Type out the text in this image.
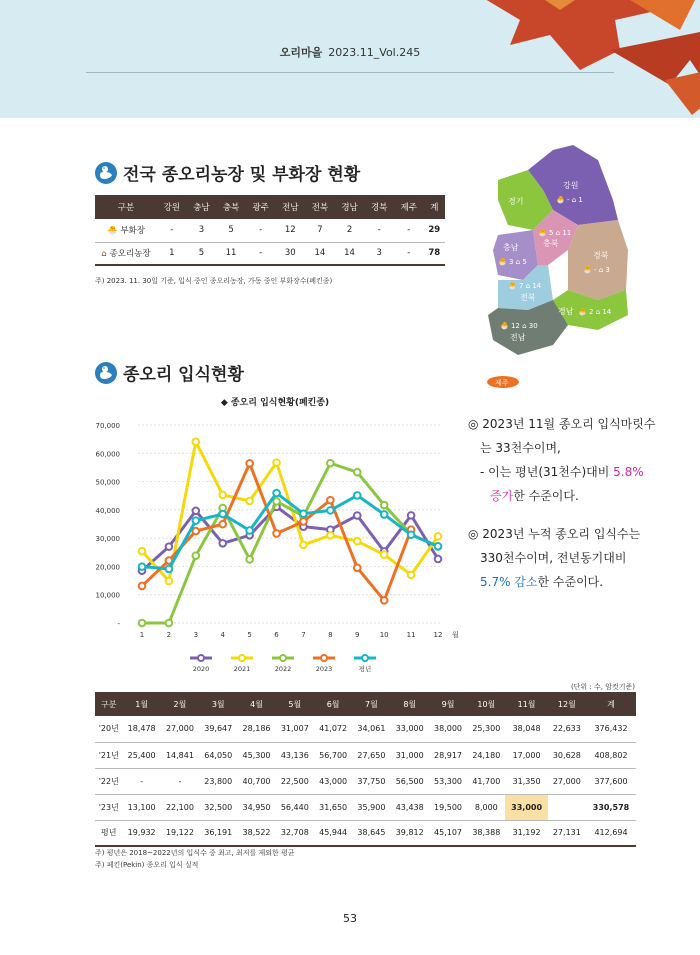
오리마을 2023.11_Vol.245
전국 종오리농장 및 부화장 현황
구분	강원	충남	충북	광주	전남	전북	경남	경북	제주	계
🐣 부화장	-	3	5	-	12	7	2	-	-	29
⌂ 종오리농장	1	5	11	-	30	14	14	3	-	78
주) 2023. 11. 30일 기준, 입식 중인 종오리농장, 가동 중인 부화장수(폐킨종)
강원
🐣 - ⌂ 1
경기
충남
🐣 3 ⌂ 5
충북
🐣 5 ⌂ 11
경북
🐣 - ⌂ 3
🐣 7 ⌂ 14
전북
경남 🐣 2 ⌂ 14
🐣 12 ⌂ 30
전남
제주
종오리 입식현황
◆ 종오리 입식현황(폐킨종)
-
10,000
20,000
30,000
40,000
50,000
60,000
70,000
1	2	3	4	5	6	7	8	9	10	11	12 월
2020	2021	2022	2023	평년
◎ 2023년 11월 종오리 입식마릿수
는 33천수이며,
- 이는 평년(31천수)대비 5.8%
증가한 수준이다.
◎ 2023년 누적 종오리 입식수는
330천수이며, 전년동기대비
5.7% 감소한 수준이다.
(단위 : 수, 암컷기준)
구분	1월	2월	3월	4월	5월	6월	7월	8월	9월	10월	11월	12월	계
'20년	18,478	27,000	39,647	28,186	31,007	41,072	34,061	33,000	38,000	25,300	38,048	22,633	376,432
'21년	25,400	14,841	64,050	45,300	43,136	56,700	27,650	31,000	28,917	24,180	17,000	30,628	408,802
'22년	-	-	23,800	40,700	22,500	43,000	37,750	56,500	53,300	41,700	31,350	27,000	377,600
'23년	13,100	22,100	32,500	34,950	56,440	31,650	35,900	43,438	19,500	8,000	33,000		330,578
평년	19,932	19,122	36,191	38,522	32,708	45,944	38,645	39,812	45,107	38,388	31,192	27,131	412,694
주) 평년은 2018~2022년의 입식수 중 최고, 최저를 제외한 평균
주) 페킨(Pekin) 종오리 입식 실적
53
